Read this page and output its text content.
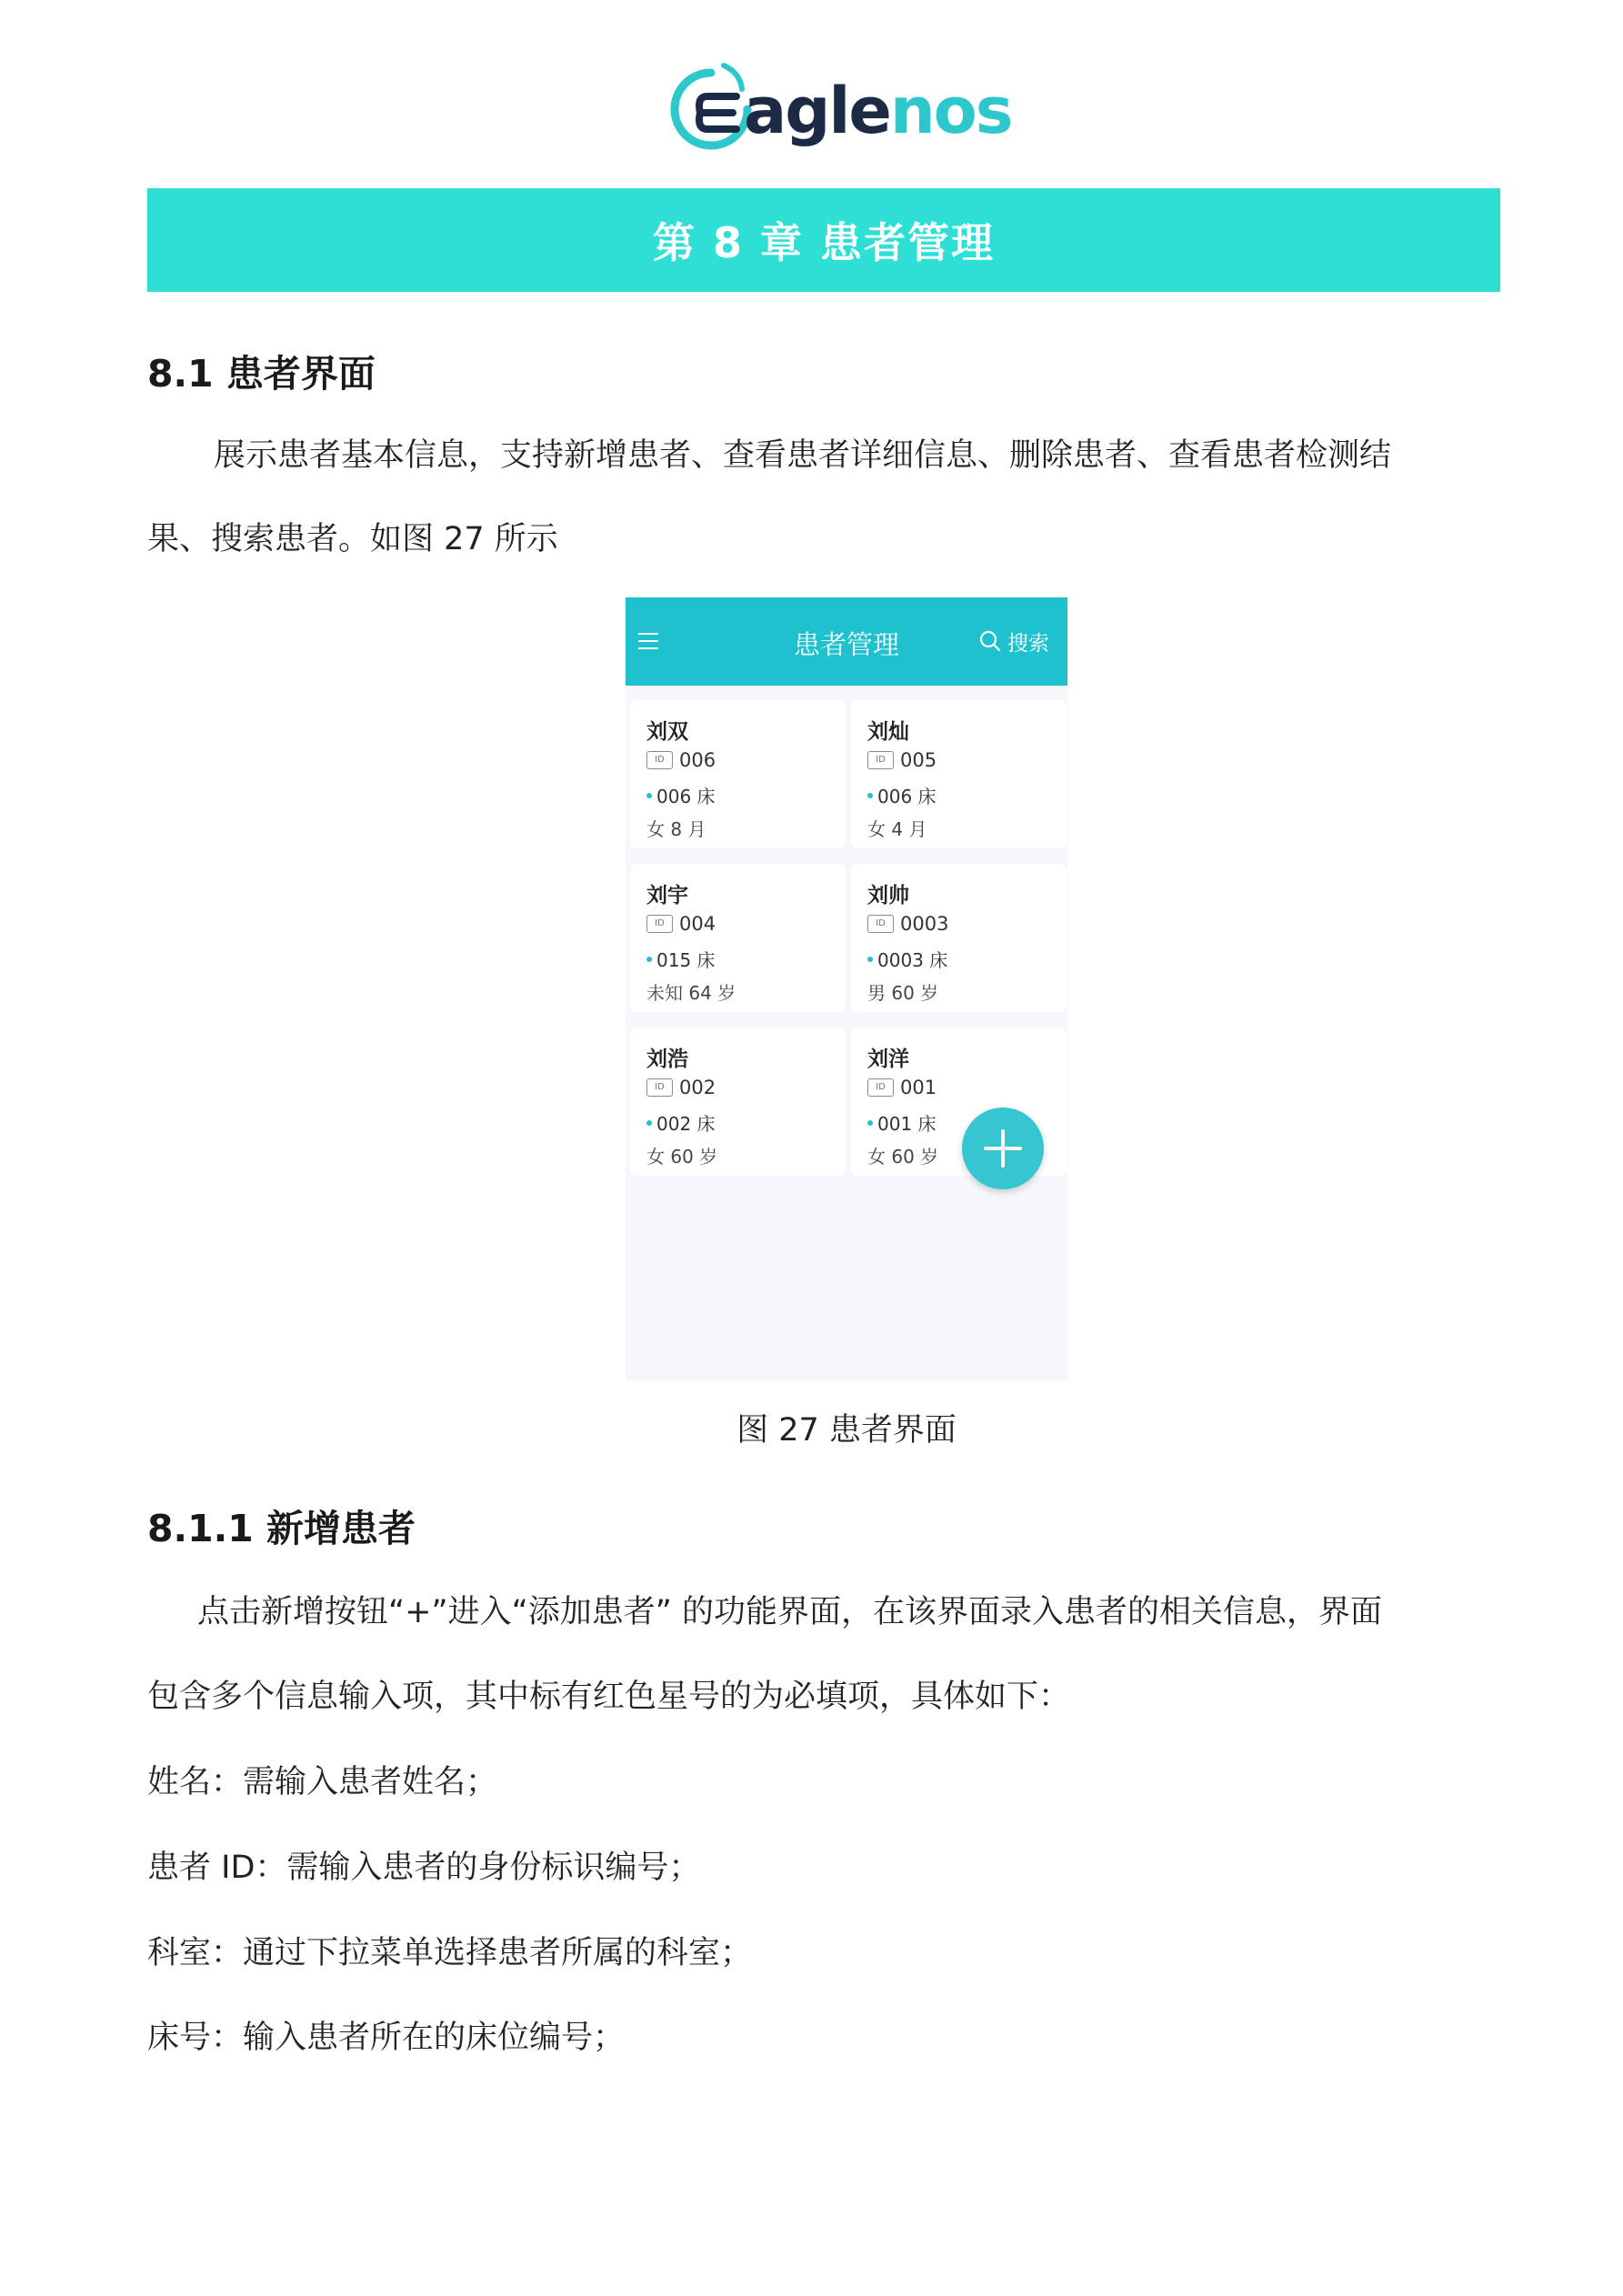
aglenos
第 8 章 患者管理
8.1 患者界面
展示患者基本信息，支持新增患者、查看患者详细信息、删除患者、查看患者检测结
果、搜索患者。如图 27 所示
患者管理	搜索
刘双
ID 006
006 床
女 8 月
刘灿
ID 005
006 床
女 4 月
刘宇
ID 004
015 床
未知 64 岁
刘帅
ID 0003
0003 床
男 60 岁
刘浩
ID 002
002 床
女 60 岁
刘洋
ID 001
001 床
女 60 岁
图 27 患者界面
8.1.1 新增患者
点击新增按钮“+”进入“添加患者” 的功能界面，在该界面录入患者的相关信息，界面
包含多个信息输入项，其中标有红色星号的为必填项，具体如下：
姓名：需输入患者姓名；
患者 ID：需输入患者的身份标识编号；
科室：通过下拉菜单选择患者所属的科室；
床号：输入患者所在的床位编号；
